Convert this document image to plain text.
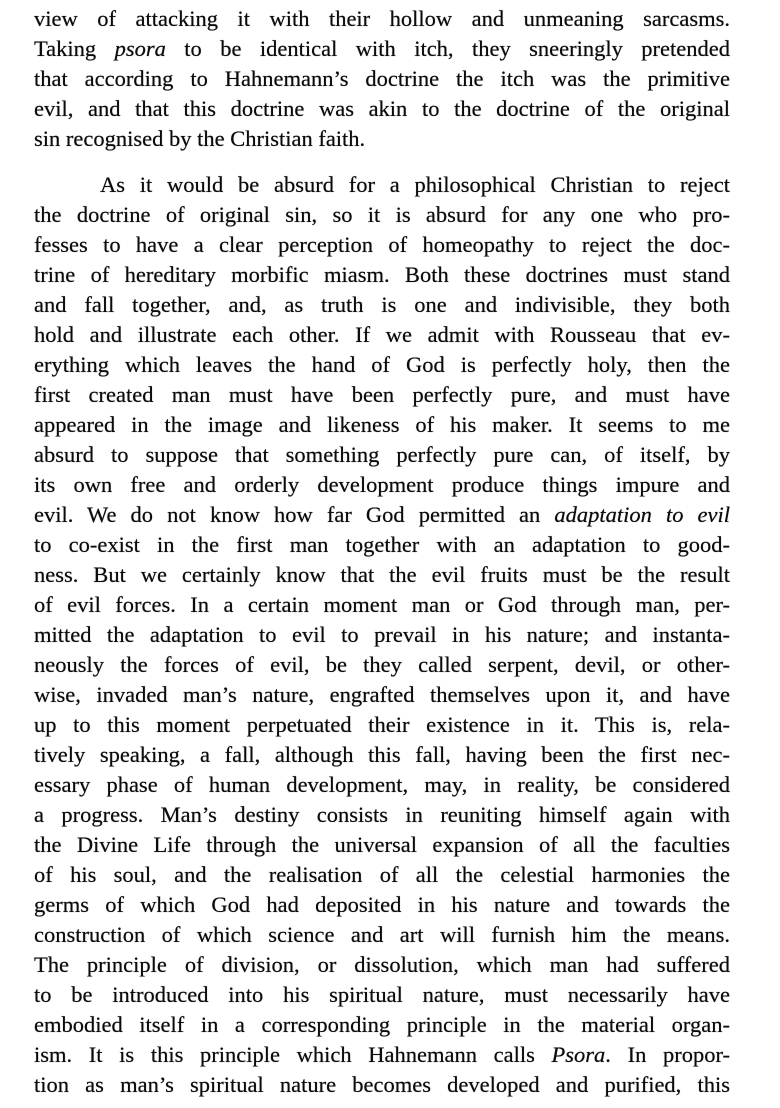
view of attacking it with their hollow and unmeaning sarcasms.
Taking psora to be identical with itch, they sneeringly pretended
that according to Hahnemann’s doctrine the itch was the primitive
evil, and that this doctrine was akin to the doctrine of the original
sin recognised by the Christian faith.
As it would be absurd for a philosophical Christian to reject
the doctrine of original sin, so it is absurd for any one who pro-
fesses to have a clear perception of homeopathy to reject the doc-
trine of hereditary morbific miasm. Both these doctrines must stand
and fall together, and, as truth is one and indivisible, they both
hold and illustrate each other. If we admit with Rousseau that ev-
erything which leaves the hand of God is perfectly holy, then the
first created man must have been perfectly pure, and must have
appeared in the image and likeness of his maker. It seems to me
absurd to suppose that something perfectly pure can, of itself, by
its own free and orderly development produce things impure and
evil. We do not know how far God permitted an adaptation to evil
to co-exist in the first man together with an adaptation to good-
ness. But we certainly know that the evil fruits must be the result
of evil forces. In a certain moment man or God through man, per-
mitted the adaptation to evil to prevail in his nature; and instanta-
neously the forces of evil, be they called serpent, devil, or other-
wise, invaded man’s nature, engrafted themselves upon it, and have
up to this moment perpetuated their existence in it. This is, rela-
tively speaking, a fall, although this fall, having been the first nec-
essary phase of human development, may, in reality, be considered
a progress. Man’s destiny consists in reuniting himself again with
the Divine Life through the universal expansion of all the faculties
of his soul, and the realisation of all the celestial harmonies the
germs of which God had deposited in his nature and towards the
construction of which science and art will furnish him the means.
The principle of division, or dissolution, which man had suffered
to be introduced into his spiritual nature, must necessarily have
embodied itself in a corresponding principle in the material organ-
ism. It is this principle which Hahnemann calls Psora. In propor-
tion as man’s spiritual nature becomes developed and purified, this
